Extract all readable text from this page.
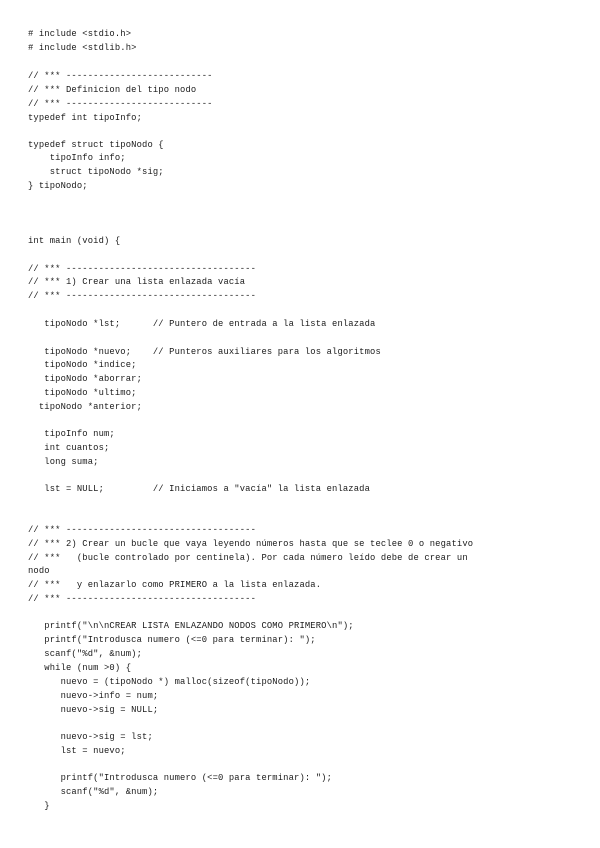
# include <stdio.h>
# include <stdlib.h>
// *** ---------------------------
// *** Definicion del tipo nodo
// *** ---------------------------
typedef int tipoInfo;
typedef struct tipoNodo {
tipoInfo info;
struct tipoNodo *sig;
} tipoNodo;
int main (void) {
// *** -----------------------------------
// *** 1) Crear una lista enlazada vacía
// *** -----------------------------------
tipoNodo *lst;      // Puntero de entrada a la lista enlazada
tipoNodo *nuevo;    // Punteros auxiliares para los algoritmos
tipoNodo *indice;
tipoNodo *aborrar;
tipoNodo *ultimo;
tipoNodo *anterior;
tipoInfo num;
int cuantos;
long suma;
lst = NULL;         // Iniciamos a "vacía" la lista enlazada
// *** -----------------------------------
// *** 2) Crear un bucle que vaya leyendo números hasta que se teclee 0 o negativo
// ***   (bucle controlado por centinela). Por cada número leído debe de crear un
nodo
// ***   y enlazarlo como PRIMERO a la lista enlazada.
// *** -----------------------------------
printf("\n\nCREAR LISTA ENLAZANDO NODOS COMO PRIMERO\n");
printf("Introdusca numero (<=0 para terminar): ");
scanf("%d", &num);
while (num >0) {
nuevo = (tipoNodo *) malloc(sizeof(tipoNodo));
nuevo->info = num;
nuevo->sig = NULL;
nuevo->sig = lst;
lst = nuevo;
printf("Introdusca numero (<=0 para terminar): ");
scanf("%d", &num);
}
